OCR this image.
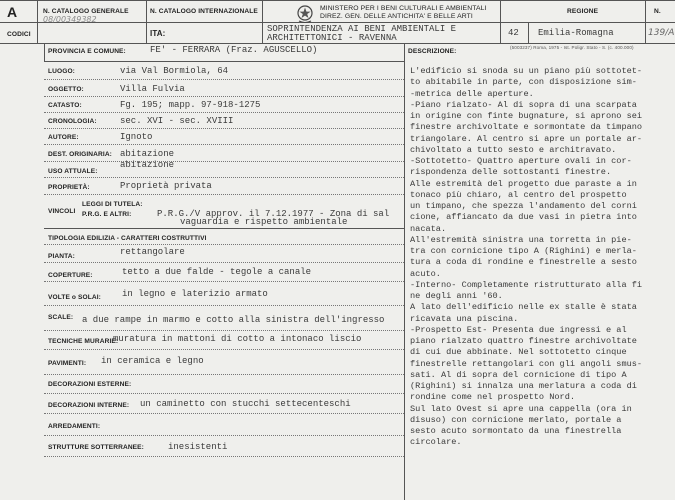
A
CODICI
N. CATALOGO GENERALE
08/00349382
N. CATALOGO INTERNAZIONALE
ITA:
MINISTERO PER I BENI CULTURALI E AMBIENTALI
DIREZ. GEN. DELLE ANTICHITA' E BELLE ARTI
SOPRINTENDENZA AI BENI AMBIENTALI E
ARCHITETTONICI - RAVENNA
REGIONE
42 Emilia-Romagna
N.
139/A
(5003237) Roma, 1975 - Ist. Poligr. Stato - S. (c. 400.000)
PROVINCIA E COMUNE:	FE' - FERRARA (Fraz. AGUSCELLO)
LUOGO:	via Val Bormiola, 64
OGGETTO:	Villa Fulvia
CATASTO:	Fg. 195; mapp. 97-918-1275
CRONOLOGIA:	sec. XVI - sec. XVIII
AUTORE:	Ignoto
DEST. ORIGINARIA: abitazione
USO ATTUALE:
abitazione
PROPRIETÀ:	Proprietà privata
VINCOLI
LEGGI DI TUTELA:
P.R.G. E ALTRI:	P.R.G./V approv. il 7.12.1977 - Zona di sal
vaguardia e rispetto ambientale
TIPOLOGIA EDILIZIA - CARATTERI COSTRUTTIVI
PIANTA:	rettangolare
COPERTURE:	tetto a due falde - tegole a canale
VOLTE o SOLAI: in legno e laterizio armato
SCALE: a due rampe in marmo e cotto alla sinistra dell'ingresso
TECNICHE MURARIE:
muratura in mattoni di cotto a intonaco liscio
PAVIMENTI: in ceramica e legno
DECORAZIONI ESTERNE:
DECORAZIONI INTERNE: un caminetto con stucchi settecenteschi
ARREDAMENTI:
STRUTTURE SOTTERRANEE:	inesistenti
DESCRIZIONE:
L'edificio si snoda su un piano più sottotet-
to abitabile in parte, con disposizione sim-
-metrica delle aperture.
-Piano rialzato- Al di sopra di una scarpata
in origine con finte bugnature, si aprono sei
finestre archivoltate e sormontate da timpano
triangolare. Al centro si apre un portale ar-
chivoltato a tutto sesto e architravato.
-Sottotetto- Quattro aperture ovali in cor-
rispondenza delle sottostanti finestre.
Alle estremità del progetto due paraste a in
tonaco più chiaro, al centro del prospetto
un timpano, che spezza l'andamento del corni
cione, affiancato da due vasi in pietra into
nacata.
All'estremità sinistra una torretta in pie-
tra con cornicione tipo A (Righini) e merla-
tura a coda di rondine e finestrelle a sesto
acuto.
-Interno- Completamente ristrutturato alla fi
ne degli anni '60.
A lato dell'edificio nelle ex stalle è stata
ricavata una piscina.
-Prospetto Est- Presenta due ingressi e al
piano rialzato quattro finestre archivoltate
di cui due abbinate. Nel sottotetto cinque
finestrelle rettangolari con gli angoli smus-
sati. Al di sopra del cornicione di tipo A
(Righini) si innalza una merlatura a coda di
rondine come nel prospetto Nord.
Sul lato Ovest si apre una cappella (ora in
disuso) con cornicione merlato, portale a
sesto acuto sormontato da una finestrella
circolare.
